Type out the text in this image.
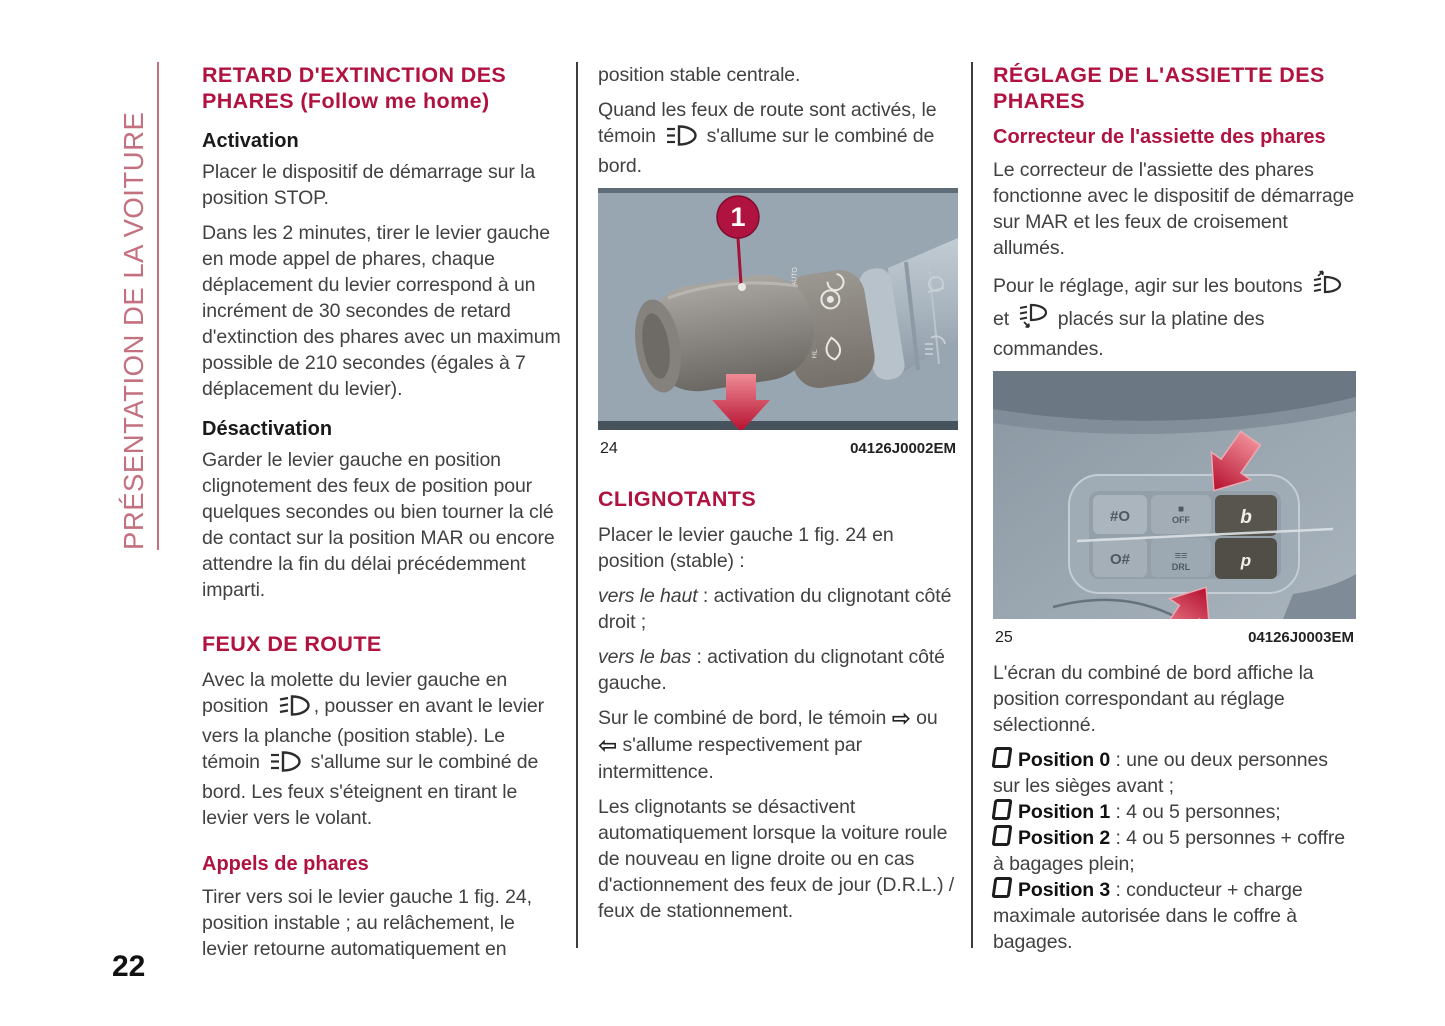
PRÉSENTATION DE LA VOITURE
22
RETARD D'EXTINCTION DES PHARES (Follow me home)
Activation

Placer le dispositif de démarrage sur la position STOP.

Dans les 2 minutes, tirer le levier gauche en mode appel de phares, chaque déplacement du levier correspond à un incrément de 30 secondes de retard d'extinction des phares avec un maximum possible de 210 secondes (égales à 7 déplacement du levier).

Désactivation

Garder le levier gauche en position clignotement des feux de position pour quelques secondes ou bien tourner la clé de contact sur la position MAR ou encore attendre la fin du délai précédemment imparti.

FEUX DE ROUTE

Avec la molette du levier gauche en position , pousser en avant le levier vers la planche (position stable). Le témoin	s'allume sur le combiné de bord. Les feux s'éteignent en tirant le levier vers le volant.

Appels de phares

Tirer vers soi le levier gauche 1 fig. 24, position instable ; au relâchement, le levier retourne automatiquement en

position stable centrale.

Quand les feux de route sont activés, le témoin	s'allume sur le combiné de bord.

AUTO
HL
1
24	04126J0002EM
CLIGNOTANTS

Placer le levier gauche 1 fig. 24 en position (stable) :

vers le haut : activation du clignotant côté droit ;

vers le bas : activation du clignotant côté gauche.

Sur le combiné de bord, le témoin ⇨ ou ⇦ s'allume respectivement par intermittence.

Les clignotants se désactivent automatiquement lorsque la voiture roule de nouveau en ligne droite ou en cas d'actionnement des feux de jour (D.R.L.) / feux de stationnement.

RÉGLAGE DE L'ASSIETTE DES PHARES
Correcteur de l'assiette des phares

Le correcteur de l'assiette des phares fonctionne avec le dispositif de démarrage sur MAR et les feux de croisement allumés.

Pour le réglage, agir sur les boutons  et placés sur la platine des commandes.

#O
O#
■
OFF
≡≡
DRL
b
p
25	04126J0003EM

L'écran du combiné de bord affiche la position correspondant au réglage sélectionné.

Position 0 : une ou deux personnes sur les sièges avant ;

Position 1 : 4 ou 5 personnes;

Position 2 : 4 ou 5 personnes + coffre à bagages plein;

Position 3 : conducteur + charge maximale autorisée dans le coffre à bagages.
